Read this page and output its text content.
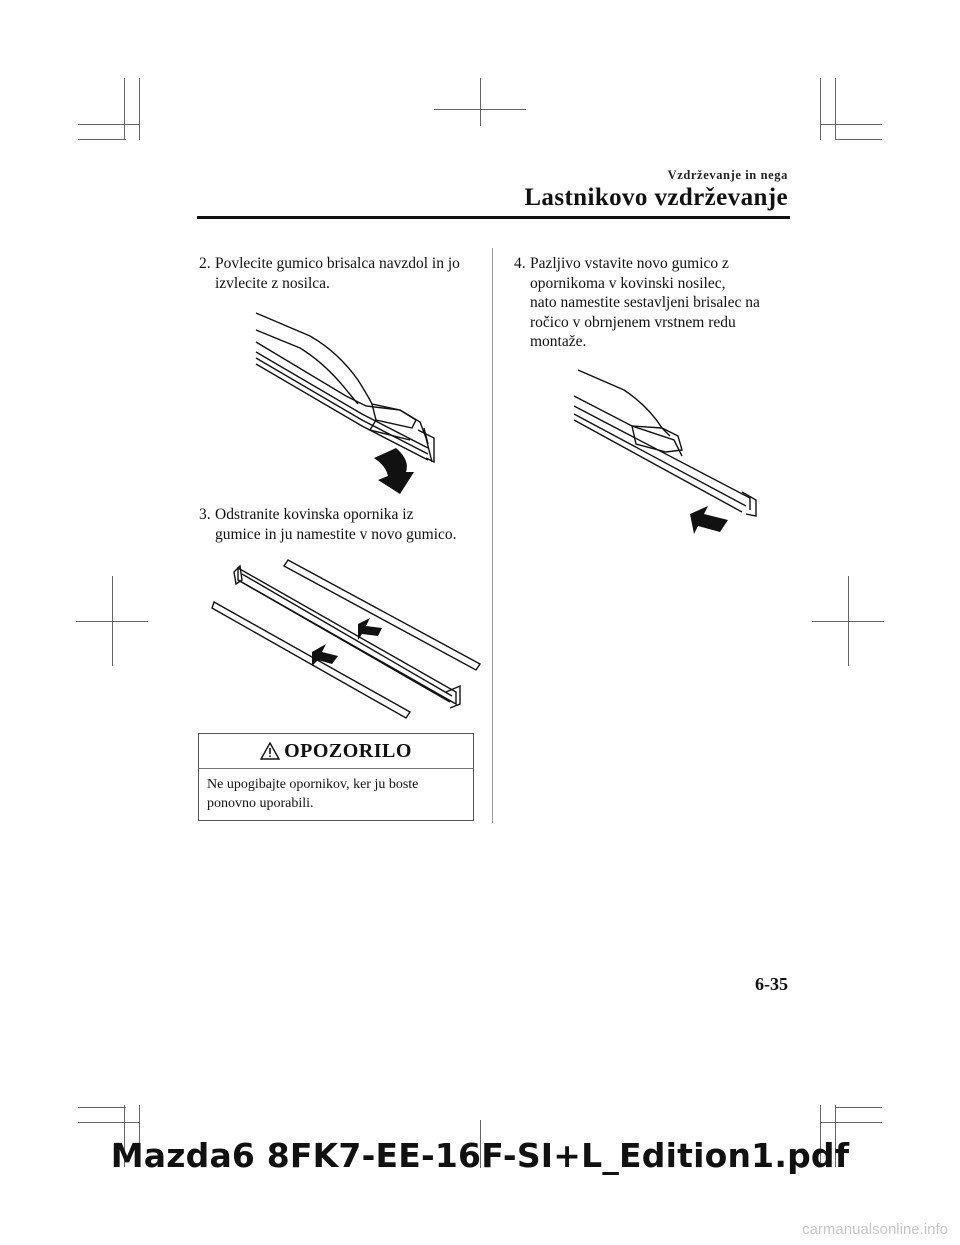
Vzdrževanje in nega
Lastnikovo vzdrževanje
2. Povlecite gumico brisalca navzdol in jo
izvlecite z nosilca.
3. Odstranite kovinska opornika iz
gumice in ju namestite v novo gumico.
OPOZORILO
Ne upogibajte opornikov, ker ju boste
ponovno uporabili.
4. Pazljivo vstavite novo gumico z
opornikoma v kovinski nosilec,
nato namestite sestavljeni brisalec na
ročico v obrnjenem vrstnem redu
montaže.
6-35
Mazda6 8FK7-EE-16F-SI+L_Edition1.pdf
carmanualsonline.info
